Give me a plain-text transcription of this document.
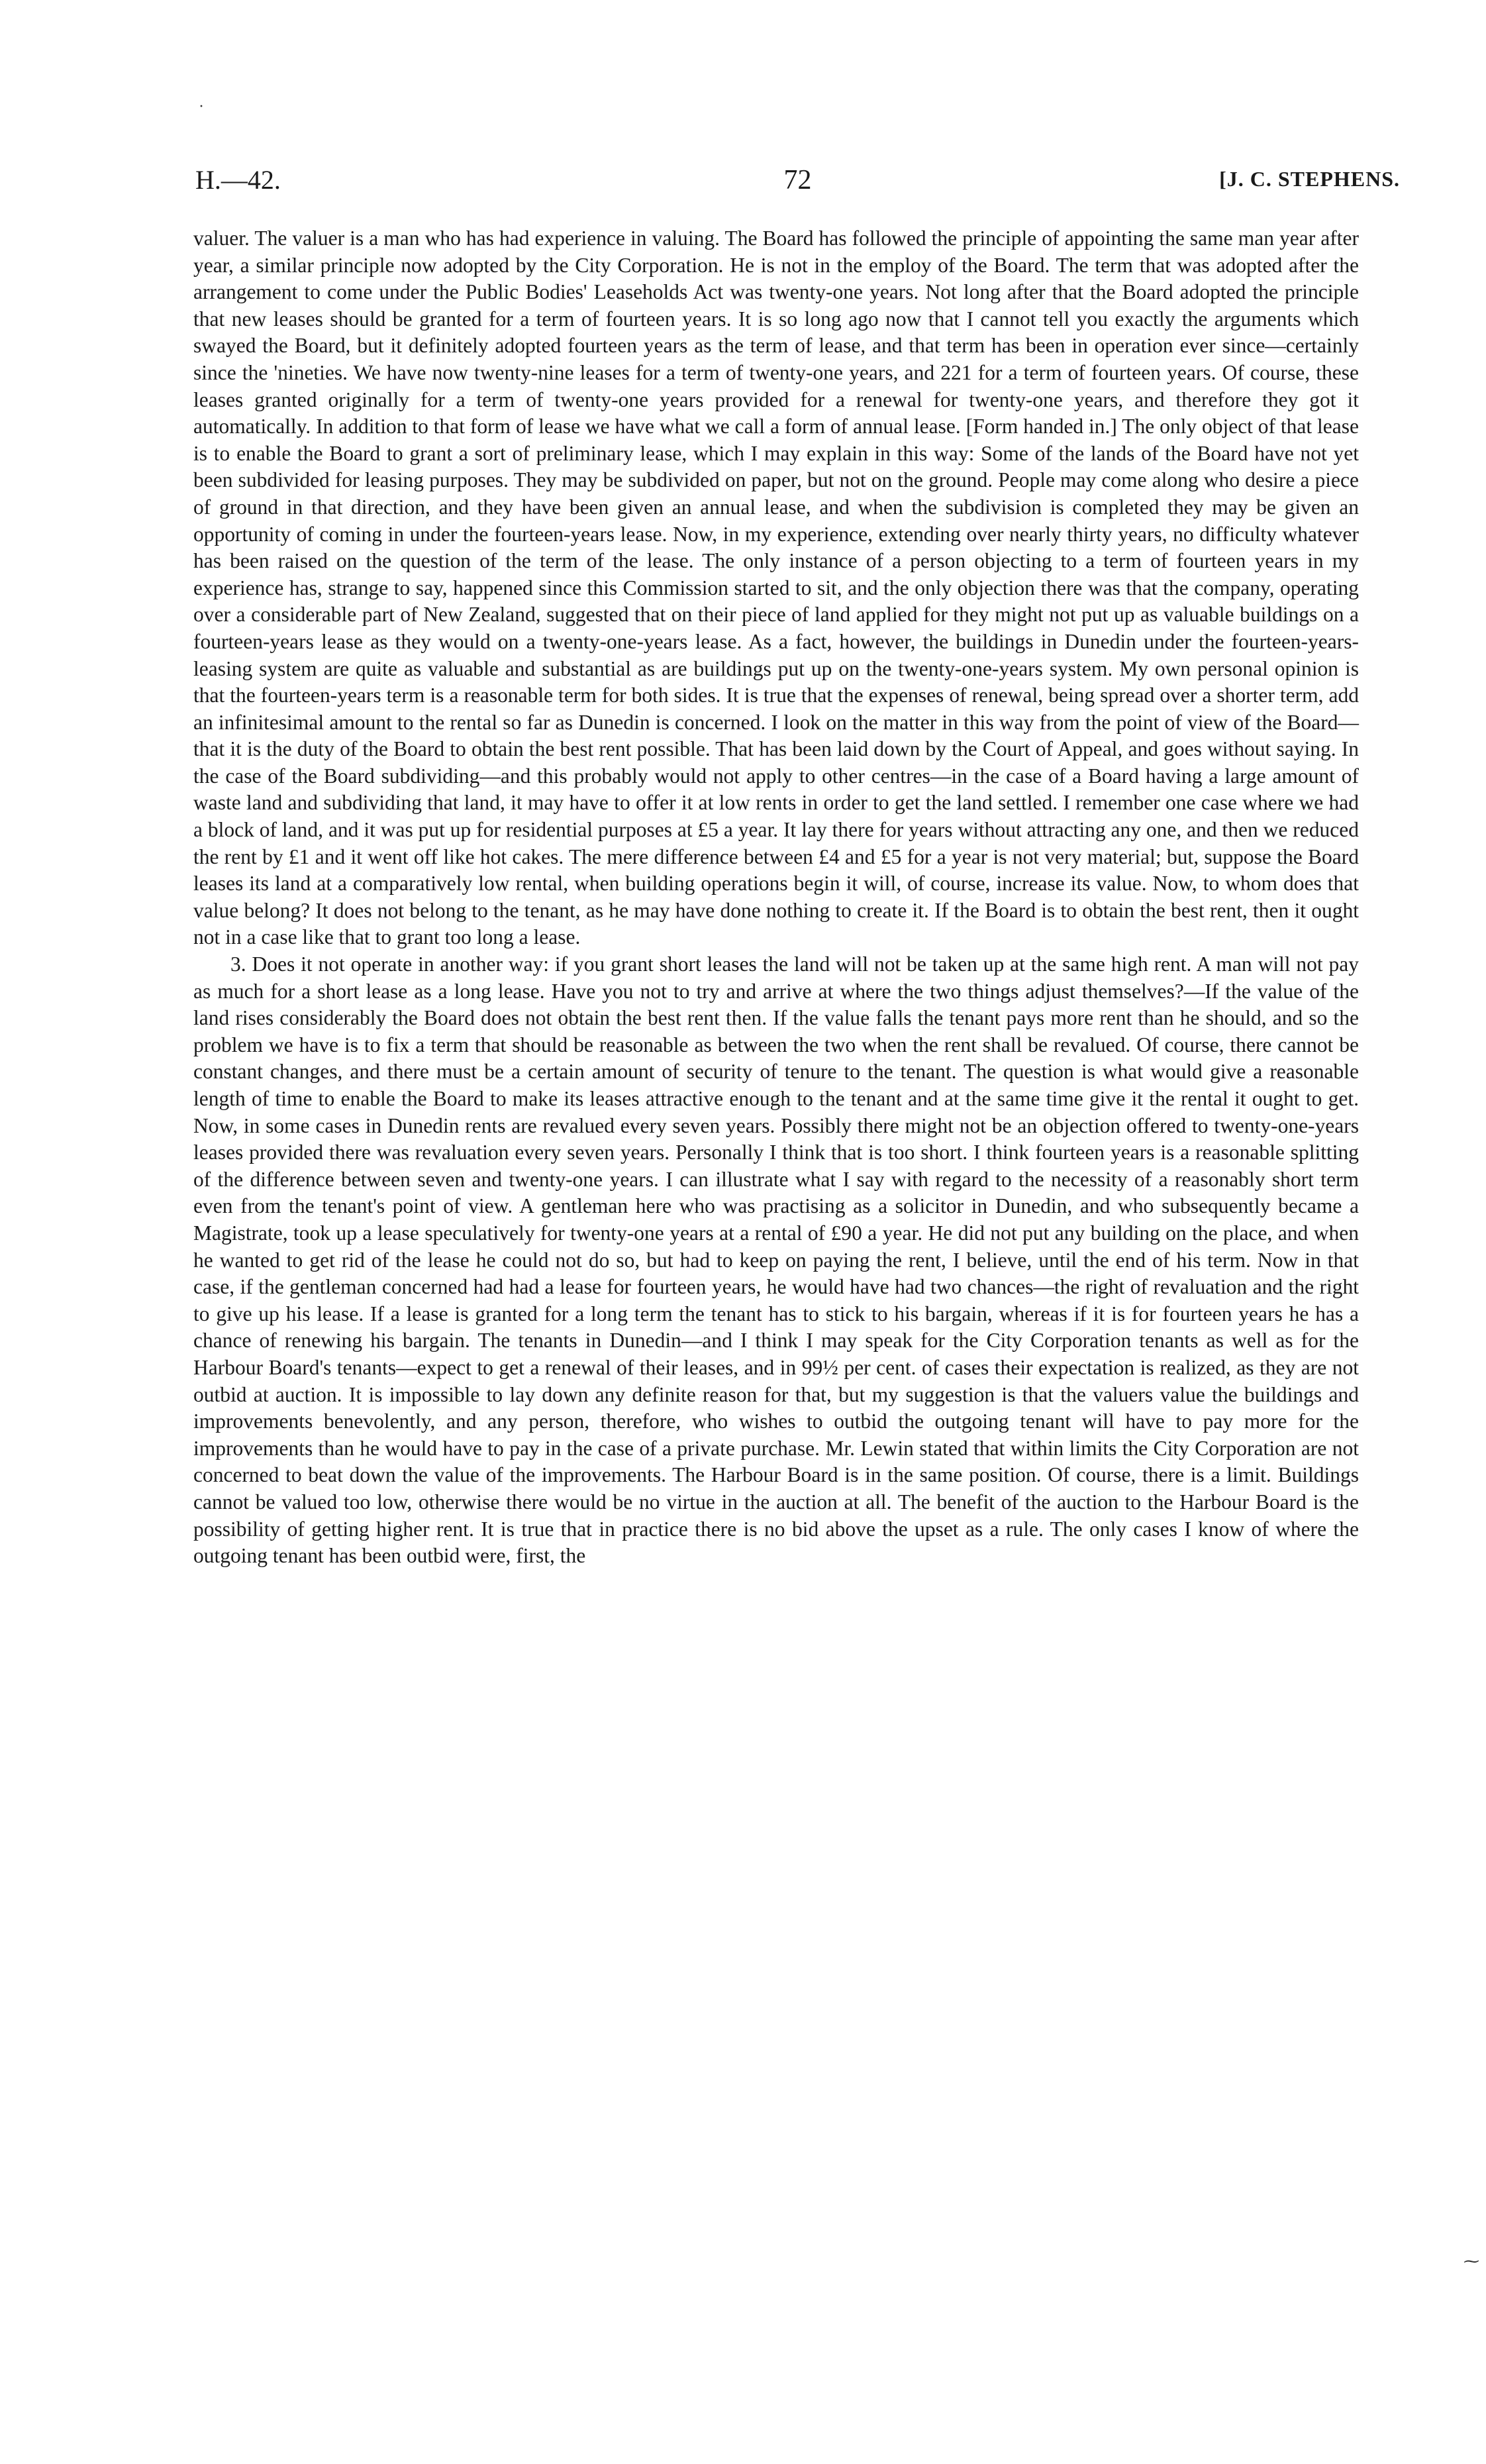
H.—42.	72	[J. C. STEPHENS.

valuer. The valuer is a man who has had experience in valuing. The Board has followed the principle of appointing the same man year after year, a similar principle now adopted by the City Corporation. He is not in the employ of the Board. The term that was adopted after the arrangement to come under the Public Bodies' Leaseholds Act was twenty-one years. Not long after that the Board adopted the principle that new leases should be granted for a term of fourteen years. It is so long ago now that I cannot tell you exactly the arguments which swayed the Board, but it definitely adopted fourteen years as the term of lease, and that term has been in operation ever since—certainly since the 'nineties. We have now twenty-nine leases for a term of twenty-one years, and 221 for a term of fourteen years. Of course, these leases granted originally for a term of twenty-one years provided for a renewal for twenty-one years, and therefore they got it automatically. In addition to that form of lease we have what we call a form of annual lease. [Form handed in.] The only object of that lease is to enable the Board to grant a sort of preliminary lease, which I may explain in this way: Some of the lands of the Board have not yet been subdivided for leasing purposes. They may be subdivided on paper, but not on the ground. People may come along who desire a piece of ground in that direction, and they have been given an annual lease, and when the subdivision is completed they may be given an opportunity of coming in under the fourteen-years lease. Now, in my experience, extending over nearly thirty years, no difficulty whatever has been raised on the question of the term of the lease. The only instance of a person objecting to a term of fourteen years in my experience has, strange to say, happened since this Commission started to sit, and the only objection there was that the company, operating over a considerable part of New Zealand, suggested that on their piece of land applied for they might not put up as valuable buildings on a fourteen-years lease as they would on a twenty-one-years lease. As a fact, however, the buildings in Dunedin under the fourteen-years-leasing system are quite as valuable and substantial as are buildings put up on the twenty-one-years system. My own personal opinion is that the fourteen-years term is a reasonable term for both sides. It is true that the expenses of renewal, being spread over a shorter term, add an infinitesimal amount to the rental so far as Dunedin is concerned. I look on the matter in this way from the point of view of the Board—that it is the duty of the Board to obtain the best rent possible. That has been laid down by the Court of Appeal, and goes without saying. In the case of the Board subdividing—and this probably would not apply to other centres—in the case of a Board having a large amount of waste land and subdividing that land, it may have to offer it at low rents in order to get the land settled. I remember one case where we had a block of land, and it was put up for residential purposes at £5 a year. It lay there for years without attracting any one, and then we reduced the rent by £1 and it went off like hot cakes. The mere difference between £4 and £5 for a year is not very material; but, suppose the Board leases its land at a comparatively low rental, when building operations begin it will, of course, increase its value. Now, to whom does that value belong? It does not belong to the tenant, as he may have done nothing to create it. If the Board is to obtain the best rent, then it ought not in a case like that to grant too long a lease.

3. Does it not operate in another way: if you grant short leases the land will not be taken up at the same high rent. A man will not pay as much for a short lease as a long lease. Have you not to try and arrive at where the two things adjust themselves?—If the value of the land rises considerably the Board does not obtain the best rent then. If the value falls the tenant pays more rent than he should, and so the problem we have is to fix a term that should be reasonable as between the two when the rent shall be revalued. Of course, there cannot be constant changes, and there must be a certain amount of security of tenure to the tenant. The question is what would give a reasonable length of time to enable the Board to make its leases attractive enough to the tenant and at the same time give it the rental it ought to get. Now, in some cases in Dunedin rents are revalued every seven years. Possibly there might not be an objection offered to twenty-one-years leases provided there was revaluation every seven years. Personally I think that is too short. I think fourteen years is a reasonable splitting of the difference between seven and twenty-one years. I can illustrate what I say with regard to the necessity of a reasonably short term even from the tenant's point of view. A gentleman here who was practising as a solicitor in Dunedin, and who subsequently became a Magistrate, took up a lease speculatively for twenty-one years at a rental of £90 a year. He did not put any building on the place, and when he wanted to get rid of the lease he could not do so, but had to keep on paying the rent, I believe, until the end of his term. Now in that case, if the gentleman concerned had had a lease for fourteen years, he would have had two chances—the right of revaluation and the right to give up his lease. If a lease is granted for a long term the tenant has to stick to his bargain, whereas if it is for fourteen years he has a chance of renewing his bargain. The tenants in Dunedin—and I think I may speak for the City Corporation tenants as well as for the Harbour Board's tenants—expect to get a renewal of their leases, and in 99½ per cent. of cases their expectation is realized, as they are not outbid at auction. It is impossible to lay down any definite reason for that, but my suggestion is that the valuers value the buildings and improvements benevolently, and any person, therefore, who wishes to outbid the outgoing tenant will have to pay more for the improvements than he would have to pay in the case of a private purchase. Mr. Lewin stated that within limits the City Corporation are not concerned to beat down the value of the improvements. The Harbour Board is in the same position. Of course, there is a limit. Buildings cannot be valued too low, otherwise there would be no virtue in the auction at all. The benefit of the auction to the Harbour Board is the possibility of getting higher rent. It is true that in practice there is no bid above the upset as a rule. The only cases I know of where the outgoing tenant has been outbid were, first, the

·
⁓
